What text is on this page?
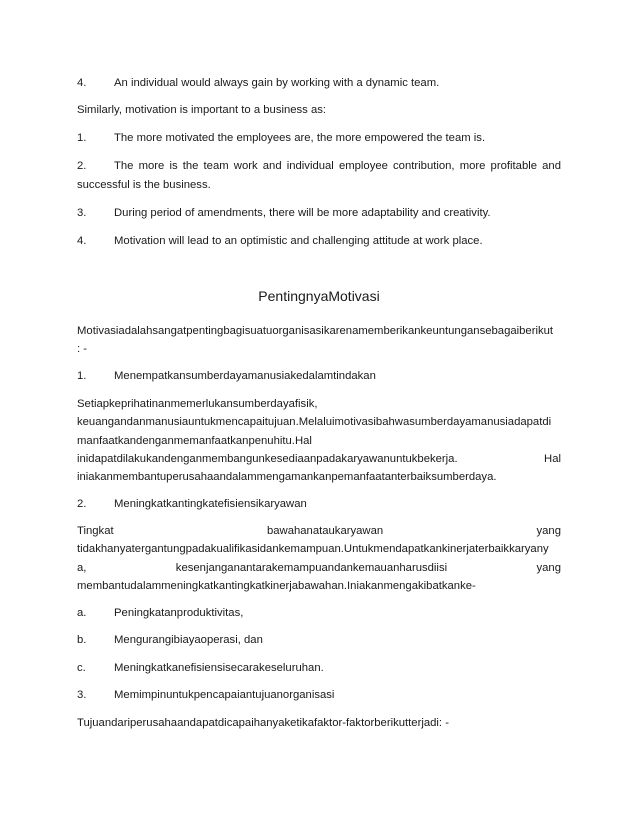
4. An individual would always gain by working with a dynamic team.
Similarly, motivation is important to a business as:
1. The more motivated the employees are, the more empowered the team is.
2. The more is the team work and individual employee contribution, more profitable and
successful is the business.
3. During period of amendments, there will be more adaptability and creativity.
4. Motivation will lead to an optimistic and challenging attitude at work place.
PentingnyaMotivasi
Motivasiadalahsangatpentingbagisuatuorganisasikarenamemberikankeuntungansebagaiberikut
: -
1. Menempatkansumberdayamanusiakedalamtindakan
Setiapkeprihatinanmemerlukansumberdayafisik,
keuangandanmanusiauntukmencapaitujuan.Melaluimotivasibahwasumberdayamanusiadapatdi
manfaatkandenganmemanfaatkanpenuhitu.Hal
inidapatdilakukandenganmembangunkesediaanpadakaryawanuntukbekerja.	Hal
iniakanmembantuperusahaandalammengamankanpemanfaatanterbaiksumberdaya.
2. Meningkatkantingkatefisiensikaryawan
Tingkat	bawahanataukaryawan	yang
tidakhanyatergantungpadakualifikasidankemampuan.Untukmendapatkankinerjaterbaikkaryany
a,	kesenjanganantarakemampuandankemauanharusdiisi	yang
membantudalammeningkatkantingkatkinerjabawahan.Iniakanmengakibatkanke-
a. Peningkatanproduktivitas,
b. Mengurangibiayaoperasi, dan
c. Meningkatkanefisiensisecarakeseluruhan.
3. Memimpinuntukpencapaiantujuanorganisasi
Tujuandariperusahaandapatdicapaihanyaketikafaktor-faktorberikutterjadi: -
